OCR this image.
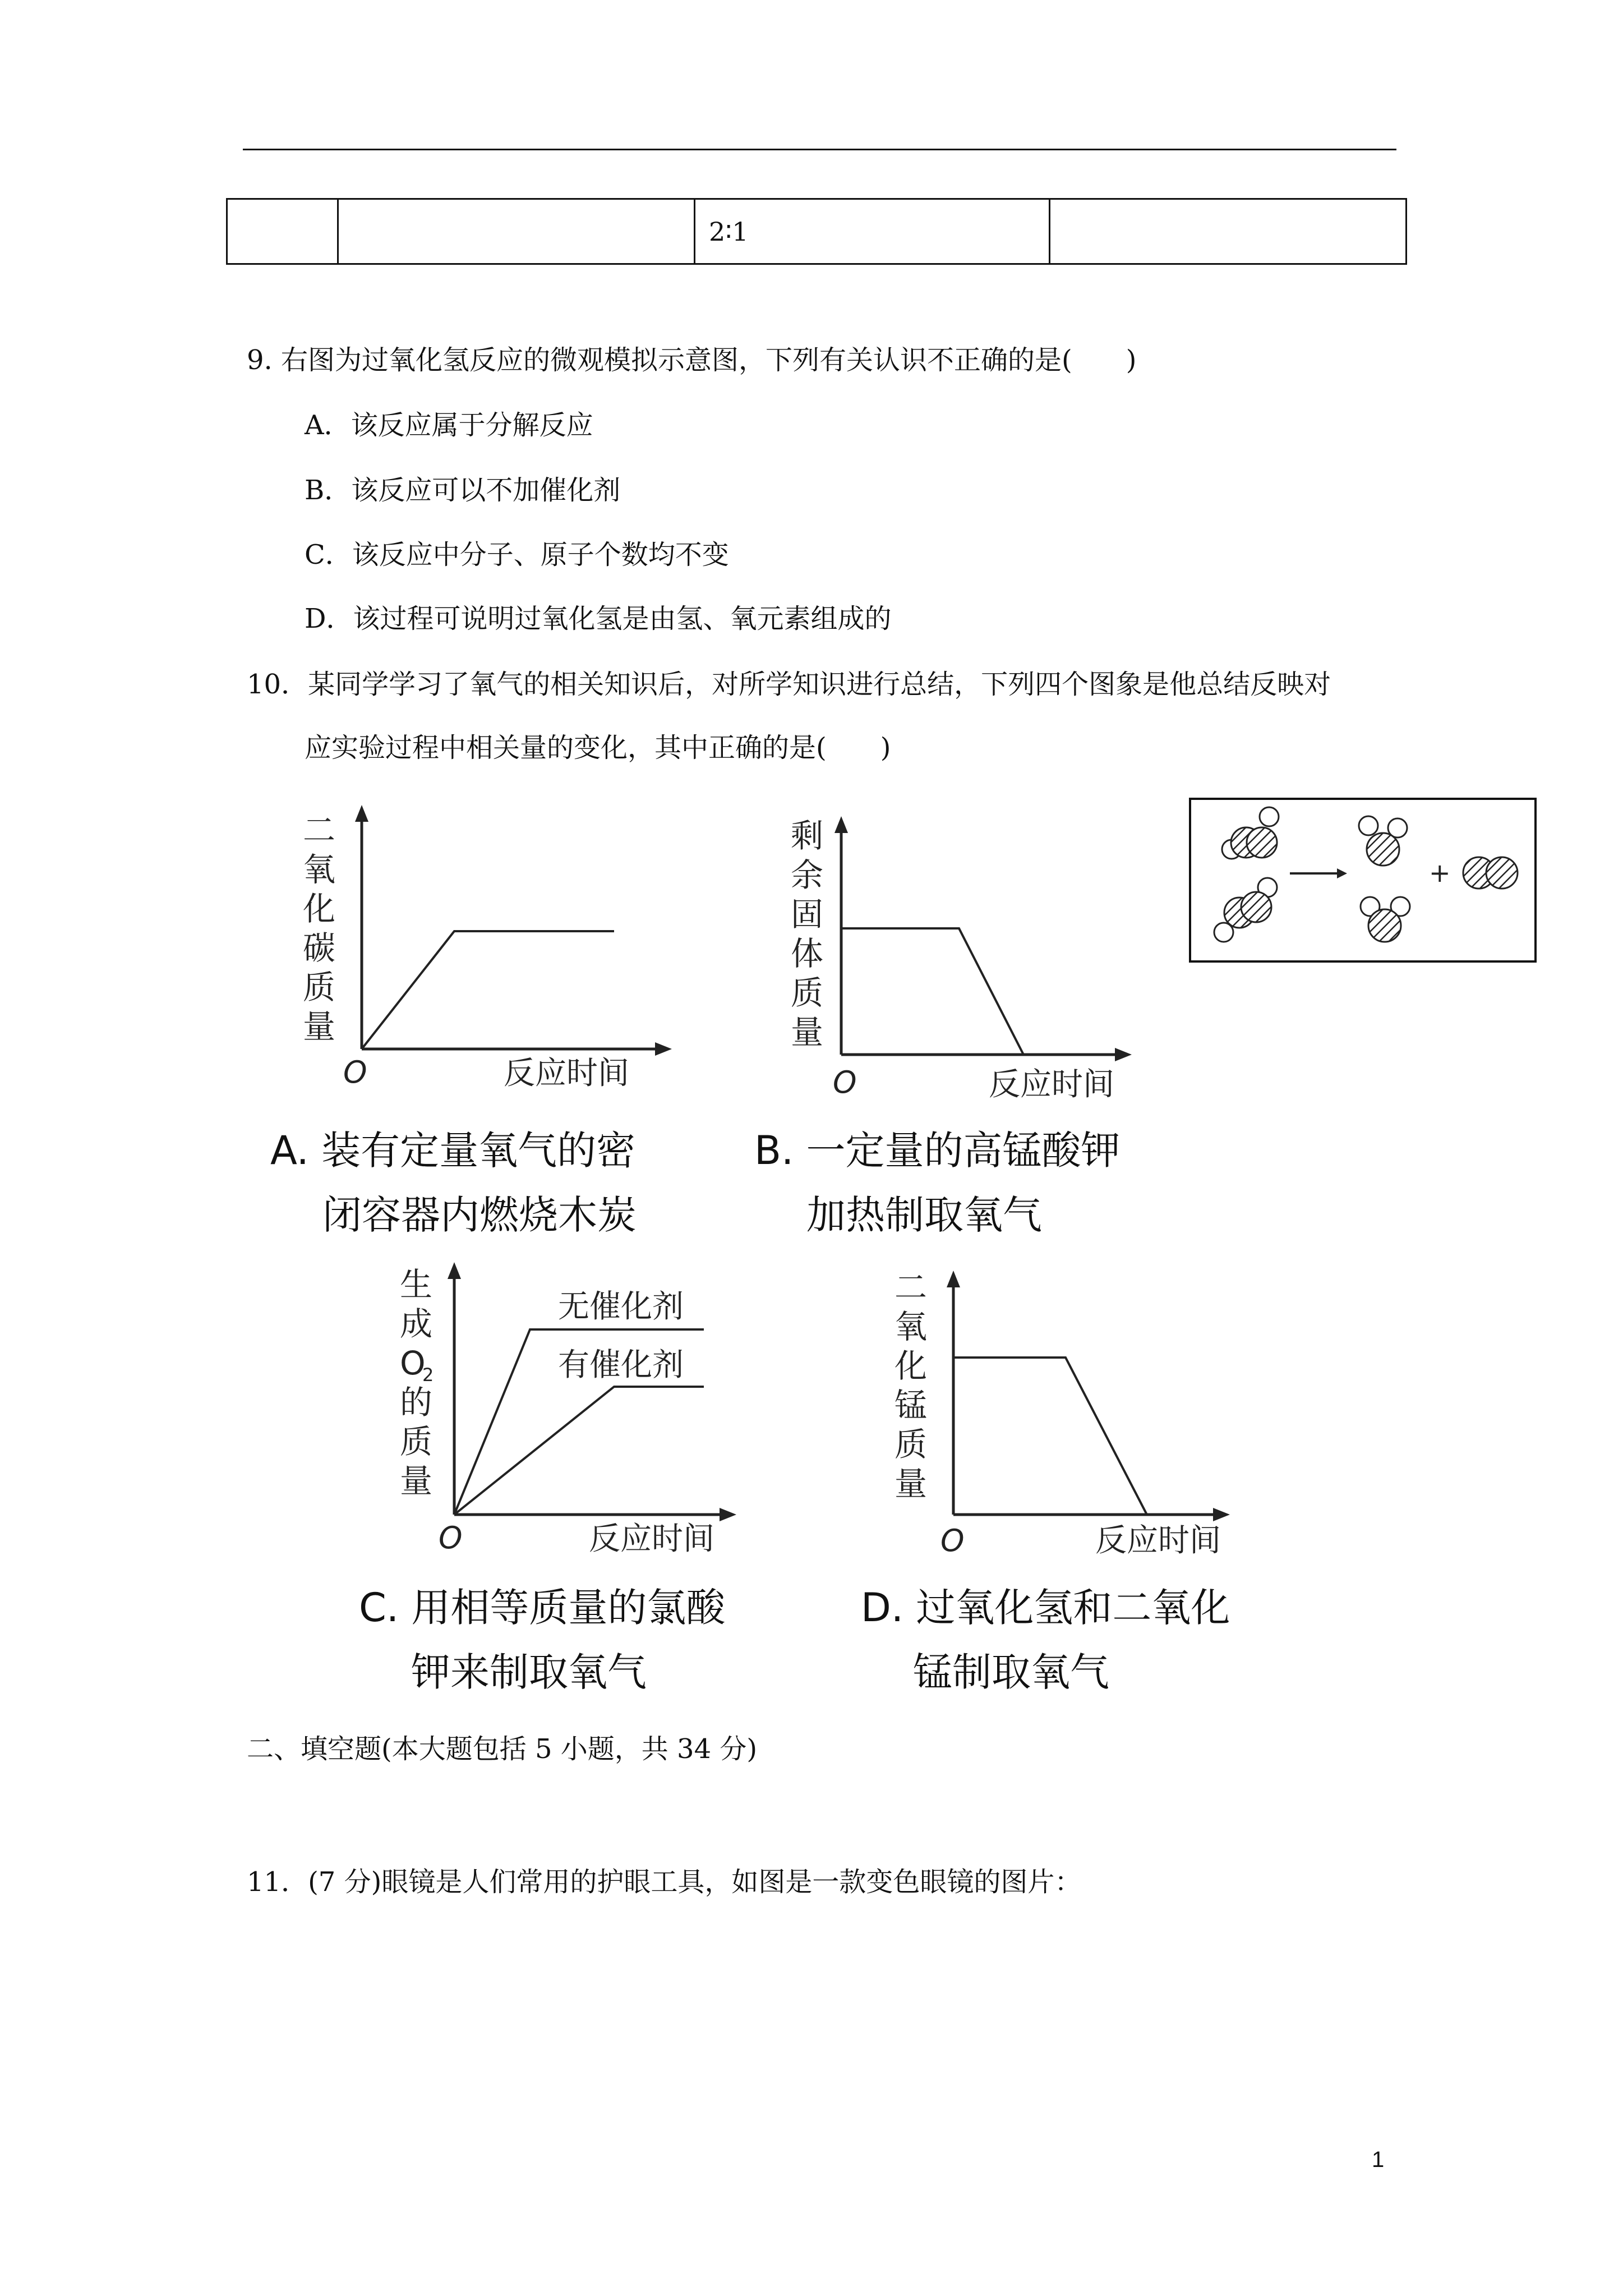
		2∶1	
9. 右图为过氧化氢反应的微观模拟示意图，下列有关认识不正确的是(　　)
A．该反应属于分解反应
B．该反应可以不加催化剂
C．该反应中分子、原子个数均不变
D．该过程可说明过氧化氢是由氢、氧元素组成的
10．某同学学习了氧气的相关知识后，对所学知识进行总结，下列四个图象是他总结反映对
应实验过程中相关量的变化，其中正确的是(　　)
二
氧
化
碳
质
量
O	反应时间
A. 装有定量氧气的密
闭容器内燃烧木炭
剩
余
固
体
质
量
O	反应时间
B. 一定量的高锰酸钾
加热制取氧气
生
成
O
2
的
质
量
无催化剂
有催化剂
O	反应时间
C. 用相等质量的氯酸
钾来制取氧气
二
氧
化
锰
质
量
O	反应时间
D. 过氧化氢和二氧化
锰制取氧气
+
二、填空题(本大题包括 5 小题，共 34 分)
11．(7 分)眼镜是人们常用的护眼工具，如图是一款变色眼镜的图片：
1
